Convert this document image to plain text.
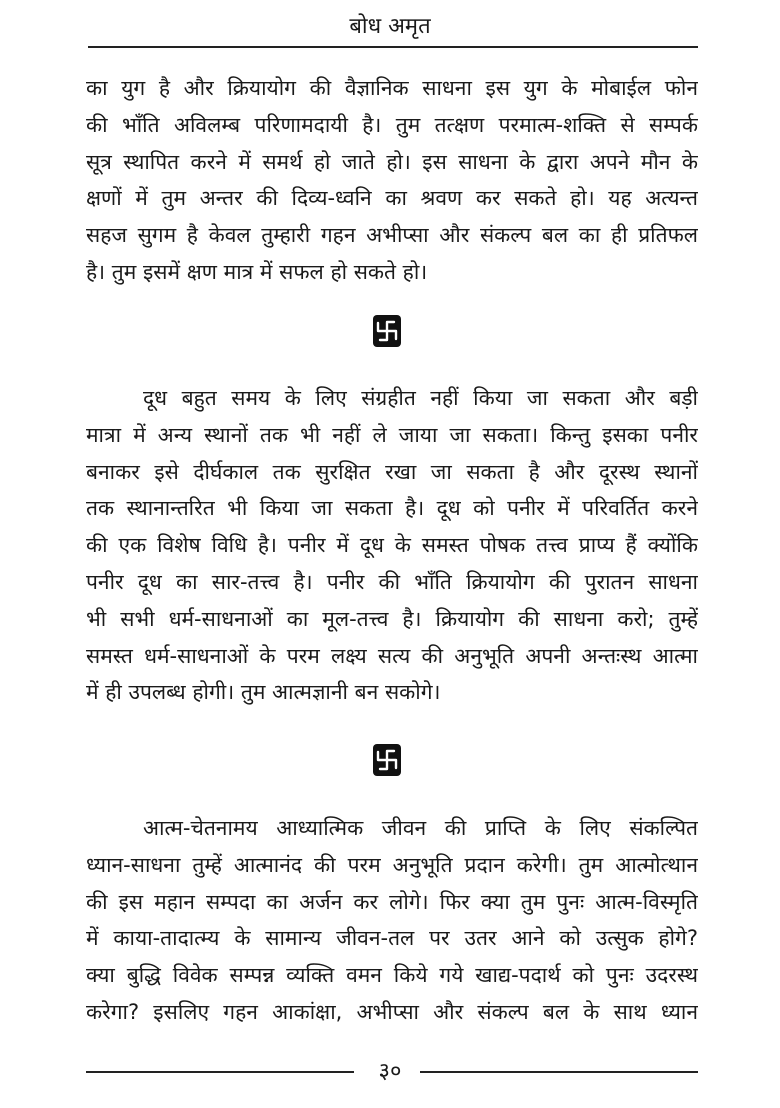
बोध अमृत
का युग है और क्रियायोग की वैज्ञानिक साधना इस युग के मोबाईल फोन
की भाँति अविलम्ब परिणामदायी है। तुम तत्क्षण परमात्म-शक्ति से सम्पर्क
सूत्र स्थापित करने में समर्थ हो जाते हो। इस साधना के द्वारा अपने मौन के
क्षणों में तुम अन्तर की दिव्य-ध्वनि का श्रवण कर सकते हो। यह अत्यन्त
सहज सुगम है केवल तुम्हारी गहन अभीप्सा और संकल्प बल का ही प्रतिफल
है। तुम इसमें क्षण मात्र में सफल हो सकते हो।
दूध बहुत समय के लिए संग्रहीत नहीं किया जा सकता और बड़ी
मात्रा में अन्य स्थानों तक भी नहीं ले जाया जा सकता। किन्तु इसका पनीर
बनाकर इसे दीर्घकाल तक सुरक्षित रखा जा सकता है और दूरस्थ स्थानों
तक स्थानान्तरित भी किया जा सकता है। दूध को पनीर में परिवर्तित करने
की एक विशेष विधि है। पनीर में दूध के समस्त पोषक तत्त्व प्राप्य हैं क्योंकि
पनीर दूध का सार-तत्त्व है। पनीर की भाँति क्रियायोग की पुरातन साधना
भी सभी धर्म-साधनाओं का मूल-तत्त्व है। क्रियायोग की साधना करो; तुम्हें
समस्त धर्म-साधनाओं के परम लक्ष्य सत्य की अनुभूति अपनी अन्तःस्थ आत्मा
में ही उपलब्ध होगी। तुम आत्मज्ञानी बन सकोगे।
आत्म-चेतनामय आध्यात्मिक जीवन की प्राप्ति के लिए संकल्पित
ध्यान-साधना तुम्हें आत्मानंद की परम अनुभूति प्रदान करेगी। तुम आत्मोत्थान
की इस महान सम्पदा का अर्जन कर लोगे। फिर क्या तुम पुनः आत्म-विस्मृति
में काया-तादात्म्य के सामान्य जीवन-तल पर उतर आने को उत्सुक होगे?
क्या बुद्धि विवेक सम्पन्न व्यक्ति वमन किये गये खाद्य-पदार्थ को पुनः उदरस्थ
करेगा? इसलिए गहन आकांक्षा, अभीप्सा और संकल्प बल के साथ ध्यान
३०
